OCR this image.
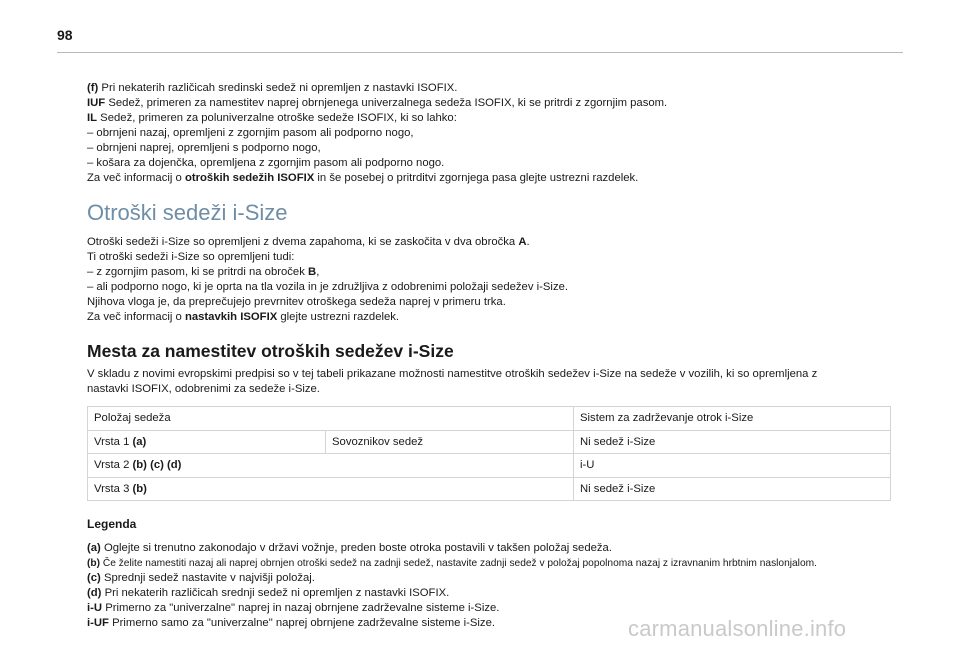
98
(f) Pri nekaterih različicah sredinski sedež ni opremljen z nastavki ISOFIX.
IUF Sedež, primeren za namestitev naprej obrnjenega univerzalnega sedeža ISOFIX, ki se pritrdi z zgornjim pasom.
IL Sedež, primeren za poluniverzalne otroške sedeže ISOFIX, ki so lahko:
– obrnjeni nazaj, opremljeni z zgornjim pasom ali podporno nogo,
– obrnjeni naprej, opremljeni s podporno nogo,
– košara za dojenčka, opremljena z zgornjim pasom ali podporno nogo.
Za več informacij o otroških sedežih ISOFIX in še posebej o pritrditvi zgornjega pasa glejte ustrezni razdelek.
Otroški sedeži i-Size
Otroški sedeži i-Size so opremljeni z dvema zapahoma, ki se zaskočita v dva obročka A.
Ti otroški sedeži i-Size so opremljeni tudi:
– z zgornjim pasom, ki se pritrdi na obroček B,
– ali podporno nogo, ki je oprta na tla vozila in je združljiva z odobrenimi položaji sedežev i-Size.
Njihova vloga je, da preprečujejo prevrnitev otroškega sedeža naprej v primeru trka.
Za več informacij o nastavkih ISOFIX glejte ustrezni razdelek.
Mesta za namestitev otroških sedežev i-Size
V skladu z novimi evropskimi predpisi so v tej tabeli prikazane možnosti namestitve otroških sedežev i-Size na sedeže v vozilih, ki so opremljena z
nastavki ISOFIX, odobrenimi za sedeže i-Size.
Položaj sedeža		Sistem za zadrževanje otrok i-Size
Vrsta 1 (a)	Sovoznikov sedež	Ni sedež i-Size
Vrsta 2 (b) (c) (d)		i-U
Vrsta 3 (b)		Ni sedež i-Size
Legenda
(a) Oglejte si trenutno zakonodajo v državi vožnje, preden boste otroka postavili v takšen položaj sedeža.
(b) Če želite namestiti nazaj ali naprej obrnjen otroški sedež na zadnji sedež, nastavite zadnji sedež v položaj popolnoma nazaj z izravnanim hrbtnim naslonjalom.
(c) Sprednji sedež nastavite v najvišji položaj.
(d) Pri nekaterih različicah srednji sedež ni opremljen z nastavki ISOFIX.
i-U Primerno za "univerzalne" naprej in nazaj obrnjene zadrževalne sisteme i-Size.
i-UF Primerno samo za "univerzalne" naprej obrnjene zadrževalne sisteme i-Size.	carmanualsonline.info
